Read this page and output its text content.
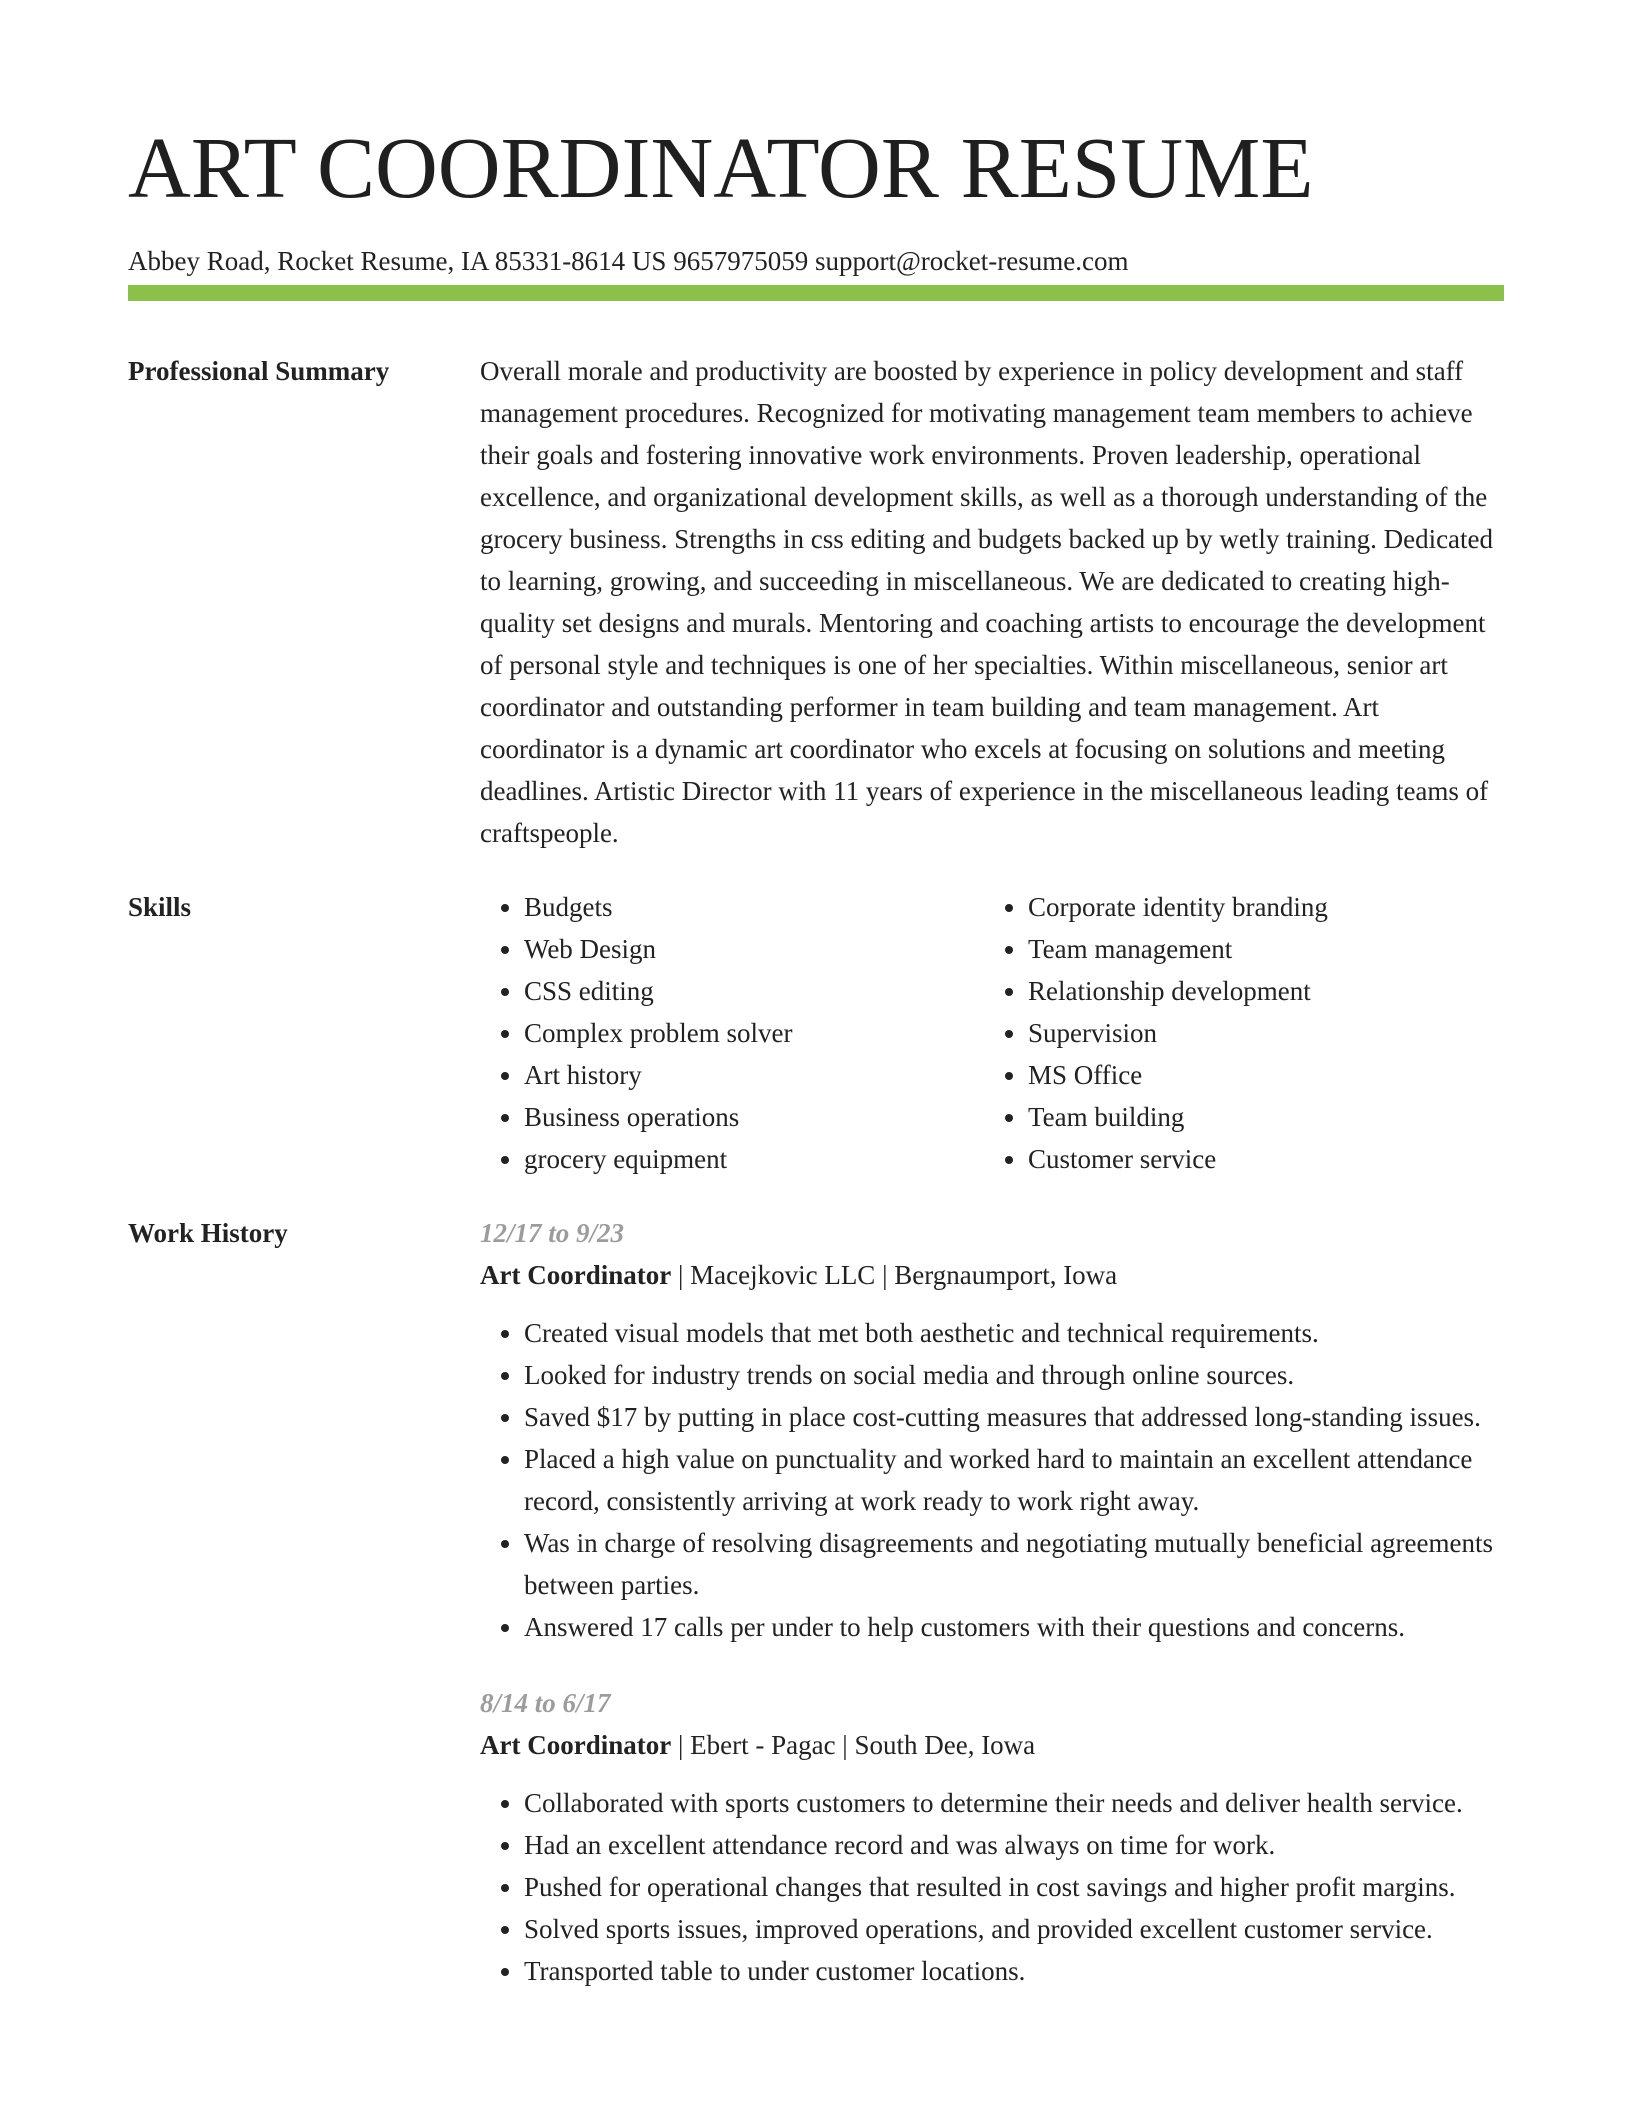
ART COORDINATOR RESUME
Abbey Road, Rocket Resume, IA 85331-8614 US 9657975059 support@rocket-resume.com
Professional Summary	Overall morale and productivity are boosted by experience in policy development and staff management procedures. Recognized for motivating management team members to achieve their goals and fostering innovative work environments. Proven leadership, operational excellence, and organizational development skills, as well as a thorough understanding of the grocery business. Strengths in css editing and budgets backed up by wetly training. Dedicated to learning, growing, and succeeding in miscellaneous. We are dedicated to creating high-quality set designs and murals. Mentoring and coaching artists to encourage the development of personal style and techniques is one of her specialties. Within miscellaneous, senior art coordinator and outstanding performer in team building and team management. Art coordinator is a dynamic art coordinator who excels at focusing on solutions and meeting deadlines. Artistic Director with 11 years of experience in the miscellaneous leading teams of craftspeople.

Skills
•	Budgets
• Web Design
• CSS editing
• Complex problem solver
• Art history
• Business operations
• grocery equipment
• Corporate identity branding
• Team management
• Relationship development
• Supervision
• MS Office
• Team building
• Customer service
Work History	12/17 to 9/23
Art Coordinator | Macejkovic LLC | Bergnaumport, Iowa
• Created visual models that met both aesthetic and technical requirements.
• Looked for industry trends on social media and through online sources.
• Saved $17 by putting in place cost-cutting measures that addressed long-standing issues.
• Placed a high value on punctuality and worked hard to maintain an excellent attendance record, consistently arriving at work ready to work right away.
• Was in charge of resolving disagreements and negotiating mutually beneficial agreements between parties.
• Answered 17 calls per under to help customers with their questions and concerns.
8/14 to 6/17
Art Coordinator | Ebert - Pagac | South Dee, Iowa
• Collaborated with sports customers to determine their needs and deliver health service.
• Had an excellent attendance record and was always on time for work.
• Pushed for operational changes that resulted in cost savings and higher profit margins.
• Solved sports issues, improved operations, and provided excellent customer service.
• Transported table to under customer locations.
